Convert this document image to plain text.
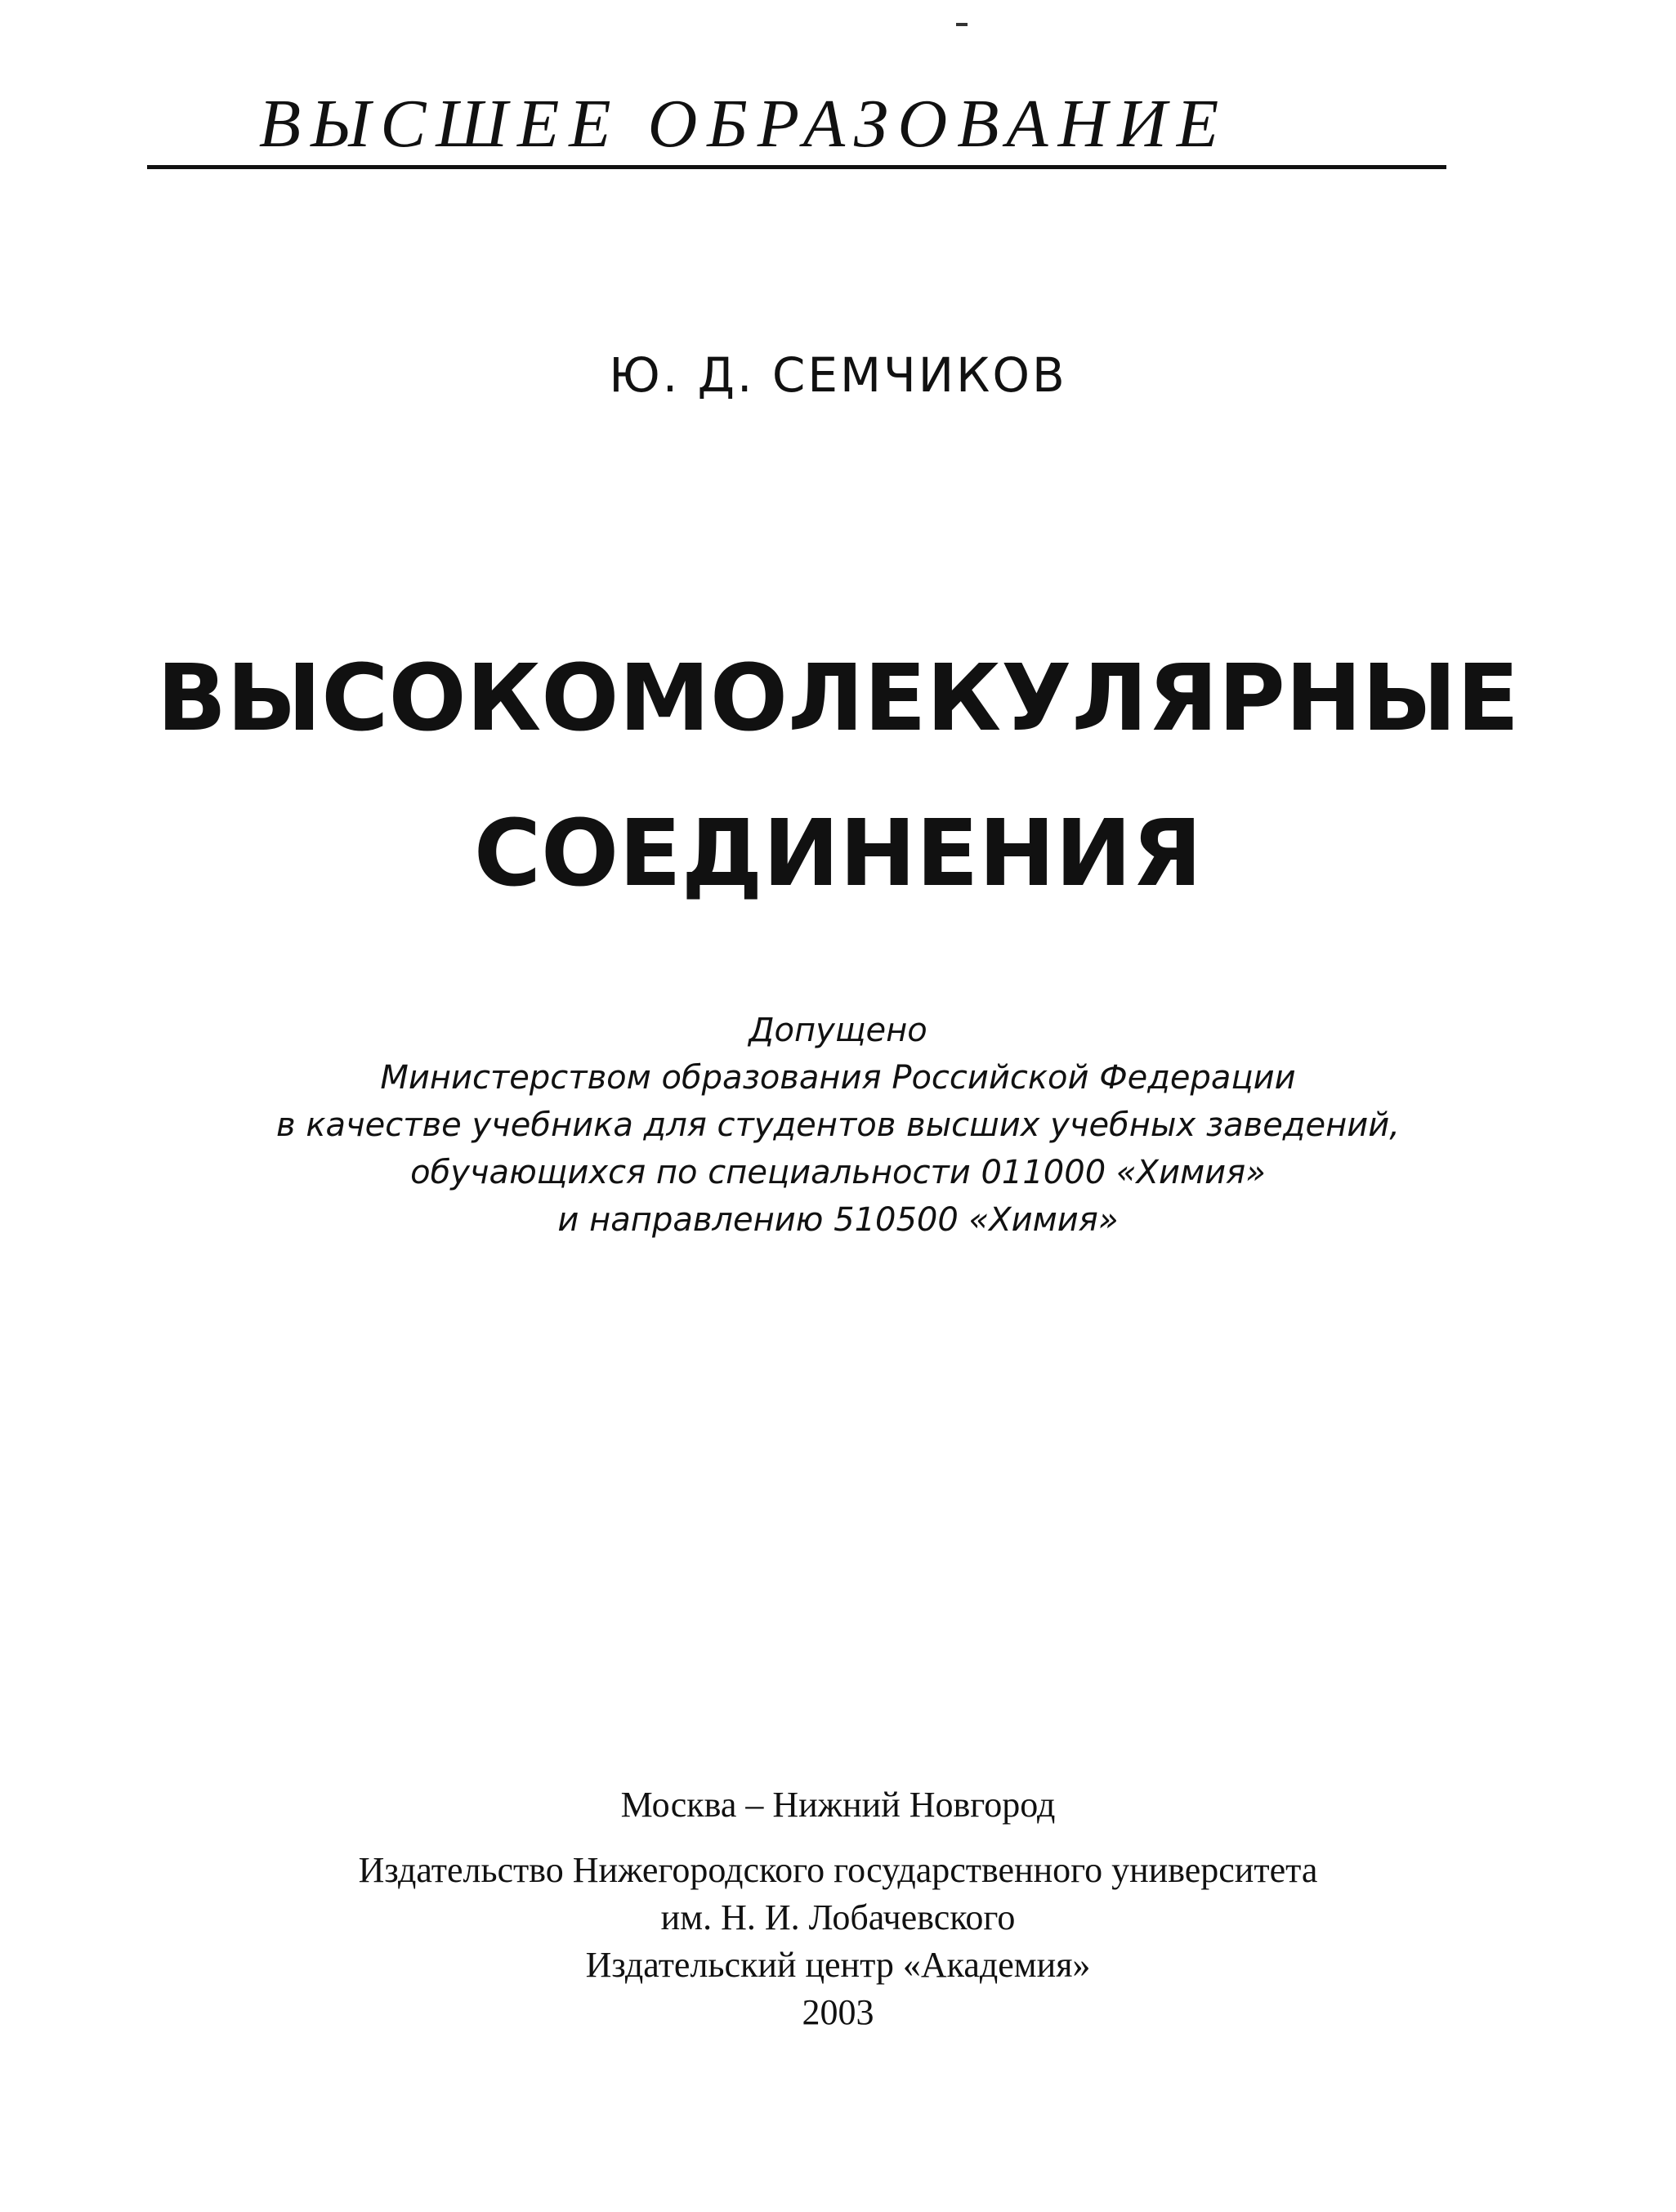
ВЫСШЕЕ ОБРАЗОВАНИЕ
Ю. Д. СЕМЧИКОВ
ВЫСОКОМОЛЕКУЛЯРНЫЕ
СОЕДИНЕНИЯ
Допущено
Министерством образования Российской Федерации
в качестве учебника для студентов высших учебных заведений,
обучающихся по специальности 011000 «Химия»
и направлению 510500 «Химия»
Москва – Нижний Новгород
Издательство Нижегородского государственного университета
им. Н. И. Лобачевского
Издательский центр «Академия»
2003
